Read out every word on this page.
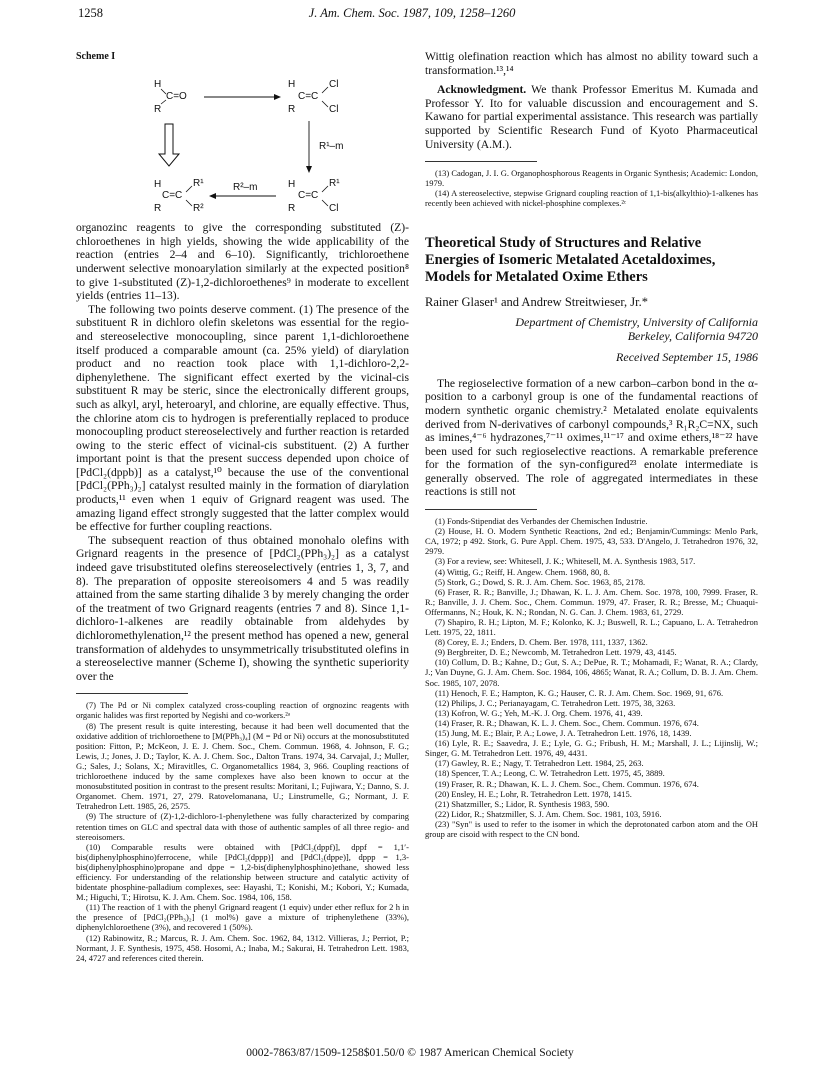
1258	J. Am. Chem. Soc. 1987, 109, 1258–1260
Scheme I
H
C=O
R
H
C=C
R
Cl
Cl
R¹–m
H
C=C
R
R¹
R²
R²–m	H
C=C
R
R¹
Cl

organozinc reagents to give the corresponding substituted (Z)-chloroethenes in high yields, showing the wide applicability of the reaction (entries 2–4 and 6–10). Significantly, trichloroethene underwent selective monoarylation similarly at the expected position⁸ to give 1-substituted (Z)-1,2-dichloroethenes⁹ in moderate to excellent yields (entries 11–13).

The following two points deserve comment. (1) The presence of the substituent R in dichloro olefin skeletons was essential for the regio- and stereoselective monocoupling, since parent 1,1-dichloroethene itself produced a comparable amount (ca. 25% yield) of diarylation product and no reaction took place with 1,1-dichloro-2,2-diphenylethene. The significant effect exerted by the vicinal-cis substituent R may be steric, since the electronically different groups, such as alkyl, aryl, heteroaryl, and chlorine, are equally effective. Thus, the chlorine atom cis to hydrogen is preferentially replaced to produce monocoupling product stereoselectively and further reaction is retarded owing to the steric effect of vicinal-cis substituent. (2) A further important point is that the present success depended upon choice of [PdCl₂(dppb)] as a catalyst,¹⁰ because the use of the conventional [PdCl₂(PPh₃)₂] catalyst resulted mainly in the formation of diarylation products,¹¹ even when 1 equiv of Grignard reagent was used. The amazing ligand effect strongly suggested that the latter complex would be effective for further coupling reactions.

The subsequent reaction of thus obtained monohalo olefins with Grignard reagents in the presence of [PdCl₂(PPh₃)₂] as a catalyst indeed gave trisubstituted olefins stereoselectively (entries 1, 3, 7, and 8). The preparation of opposite stereoisomers 4 and 5 was readily attained from the same starting dihalide 3 by merely changing the order of the treatment of two Grignard reagents (entries 7 and 8). Since 1,1-dichloro-1-alkenes are readily obtainable from aldehydes by dichloromethylenation,¹² the present method has opened a new, general transformation of aldehydes to unsymmetrically trisubstituted olefins in a stereoselective manner (Scheme I), showing the synthetic superiority over the

(7) The Pd or Ni complex catalyzed cross-coupling reaction of orgnozinc reagents with organic halides was first reported by Negishi and co-workers.²ᵃ

(8) The present result is quite interesting, because it had been well documented that the oxidative addition of trichloroethene to [M(PPh₃)₄] (M = Pd or Ni) occurs at the monosubstituted position: Fitton, P.; McKeon, J. E. J. Chem. Soc., Chem. Commun. 1968, 4. Johnson, F. G.; Lewis, J.; Jones, J. D.; Taylor, K. A. J. Chem. Soc., Dalton Trans. 1974, 34. Carvajal, J.; Muller, G.; Sales, J.; Solans, X.; Miravitlles, C. Organometallics 1984, 3, 966. Coupling reactions of trichloroethene induced by the same complexes have also been known to occur at the monosubstituted position in contrast to the present results: Moritani, I.; Fujiwara, Y.; Danno, S. J. Organomet. Chem. 1971, 27, 279. Ratovelomanana, U.; Linstrumelle, G.; Normant, J. F. Tetrahedron Lett. 1985, 26, 2575.

(9) The structure of (Z)-1,2-dichloro-1-phenylethene was fully characterized by comparing retention times on GLC and spectral data with those of authentic samples of all three regio- and stereoisomers.

(10) Comparable results were obtained with [PdCl₂(dppf)], dppf = 1,1′-bis(diphenylphosphino)ferrocene, while [PdCl₂(dppp)] and [PdCl₂(dppe)], dppp = 1,3-bis(diphenylphosphino)propane and dppe = 1,2-bis(diphenylphosphino)ethane, showed less efficiency. For understanding of the relationship between structure and catalytic activity of bidentate phosphine-palladium complexes, see: Hayashi, T.; Konishi, M.; Kobori, Y.; Kumada, M.; Higuchi, T.; Hirotsu, K. J. Am. Chem. Soc. 1984, 106, 158.

(11) The reaction of 1 with the phenyl Grignard reagent (1 equiv) under ether reflux for 2 h in the presence of [PdCl₂(PPh₃)₂] (1 mol%) gave a mixture of triphenylethene (33%), diphenylchloroethene (3%), and recovered 1 (50%).

(12) Rabinowitz, R.; Marcus, R. J. Am. Chem. Soc. 1962, 84, 1312. Villieras, J.; Perriot, P.; Normant, J. F. Synthesis, 1975, 458. Hosomi, A.; Inaba, M.; Sakurai, H. Tetrahedron Lett. 1983, 24, 4727 and references cited therein.

Wittig olefination reaction which has almost no ability toward such a transformation.¹³,¹⁴

Acknowledgment. We thank Professor Emeritus M. Kumada and Professor Y. Ito for valuable discussion and encouragement and S. Kawano for partial experimental assistance. This research was partially supported by Scientific Research Fund of Kyoto Pharmaceutical University (A.M.).

(13) Cadogan, J. I. G. Organophosphorous Reagents in Organic Synthesis; Academic: London, 1979.

(14) A stereoselective, stepwise Grignard coupling reaction of 1,1-bis(alkylthio)-1-alkenes has recently been achieved with nickel-phosphine complexes.²ᶜ

Theoretical Study of Structures and Relative Energies of Isomeric Metalated Acetaldoximes, Models for Metalated Oxime Ethers
Rainer Glaser¹ and Andrew Streitwieser, Jr.*
Department of Chemistry, University of California
Berkeley, California 94720
Received September 15, 1986

The regioselective formation of a new carbon–carbon bond in the α-position to a carbonyl group is one of the fundamental reactions of modern synthetic organic chemistry.² Metalated enolate equivalents derived from N-derivatives of carbonyl compounds,³ R₁R₂C=NX, such as imines,⁴⁻⁶ hydrazones,⁷⁻¹¹ oximes,¹¹⁻¹⁷ and oxime ethers,¹⁸⁻²² have been used for such regioselective reactions. A remarkable preference for the formation of the syn-configured²³ enolate intermediate is generally observed. The role of aggregated intermediates in these reactions is still not

(1) Fonds-Stipendiat des Verbandes der Chemischen Industrie.

(2) House, H. O. Modern Synthetic Reactions, 2nd ed.; Benjamin/Cummings: Menlo Park, CA, 1972; p 492. Stork, G. Pure Appl. Chem. 1975, 43, 533. D'Angelo, J. Tetrahedron 1976, 32, 2979.

(3) For a review, see: Whitesell, J. K.; Whitesell, M. A. Synthesis 1983, 517.

(4) Wittig, G.; Reiff, H. Angew. Chem. 1968, 80, 8.

(5) Stork, G.; Dowd, S. R. J. Am. Chem. Soc. 1963, 85, 2178.

(6) Fraser, R. R.; Banville, J.; Dhawan, K. L. J. Am. Chem. Soc. 1978, 100, 7999. Fraser, R. R.; Banville, J. J. Chem. Soc., Chem. Commun. 1979, 47. Fraser, R. R.; Bresse, M.; Chuaqui-Offermanns, N.; Houk, K. N.; Rondan, N. G. Can. J. Chem. 1983, 61, 2729.

(7) Shapiro, R. H.; Lipton, M. F.; Kolonko, K. J.; Buswell, R. L.; Capuano, L. A. Tetrahedron Lett. 1975, 22, 1811.

(8) Corey, E. J.; Enders, D. Chem. Ber. 1978, 111, 1337, 1362.

(9) Bergbreiter, D. E.; Newcomb, M. Tetrahedron Lett. 1979, 43, 4145.

(10) Collum, D. B.; Kahne, D.; Gut, S. A.; DePue, R. T.; Mohamadi, F.; Wanat, R. A.; Clardy, J.; Van Duyne, G. J. Am. Chem. Soc. 1984, 106, 4865; Wanat, R. A.; Collum, D. B. J. Am. Chem. Soc. 1985, 107, 2078.

(11) Henoch, F. E.; Hampton, K. G.; Hauser, C. R. J. Am. Chem. Soc. 1969, 91, 676.

(12) Philips, J. C.; Perianayagam, C. Tetrahedron Lett. 1975, 38, 3263.

(13) Kofron, W. G.; Yeh, M.-K. J. Org. Chem. 1976, 41, 439.

(14) Fraser, R. R.; Dhawan, K. L. J. Chem. Soc., Chem. Commun. 1976, 674.

(15) Jung, M. E.; Blair, P. A.; Lowe, J. A. Tetrahedron Lett. 1976, 18, 1439.

(16) Lyle, R. E.; Saavedra, J. E.; Lyle, G. G.; Fribush, H. M.; Marshall, J. L.; Lijinslij, W.; Singer, G. M. Tetrahedron Lett. 1976, 49, 4431.

(17) Gawley, R. E.; Nagy, T. Tetrahedron Lett. 1984, 25, 263.

(18) Spencer, T. A.; Leong, C. W. Tetrahedron Lett. 1975, 45, 3889.

(19) Fraser, R. R.; Dhawan, K. L. J. Chem. Soc., Chem. Commun. 1976, 674.

(20) Ensley, H. E.; Lohr, R. Tetrahedron Lett. 1978, 1415.

(21) Shatzmiller, S.; Lidor, R. Synthesis 1983, 590.

(22) Lidor, R.; Shatzmiller, S. J. Am. Chem. Soc. 1981, 103, 5916.

(23) "Syn" is used to refer to the isomer in which the deprotonated carbon atom and the OH group are cisoid with respect to the CN bond.

0002-7863/87/1509-1258$01.50/0 © 1987 American Chemical Society
